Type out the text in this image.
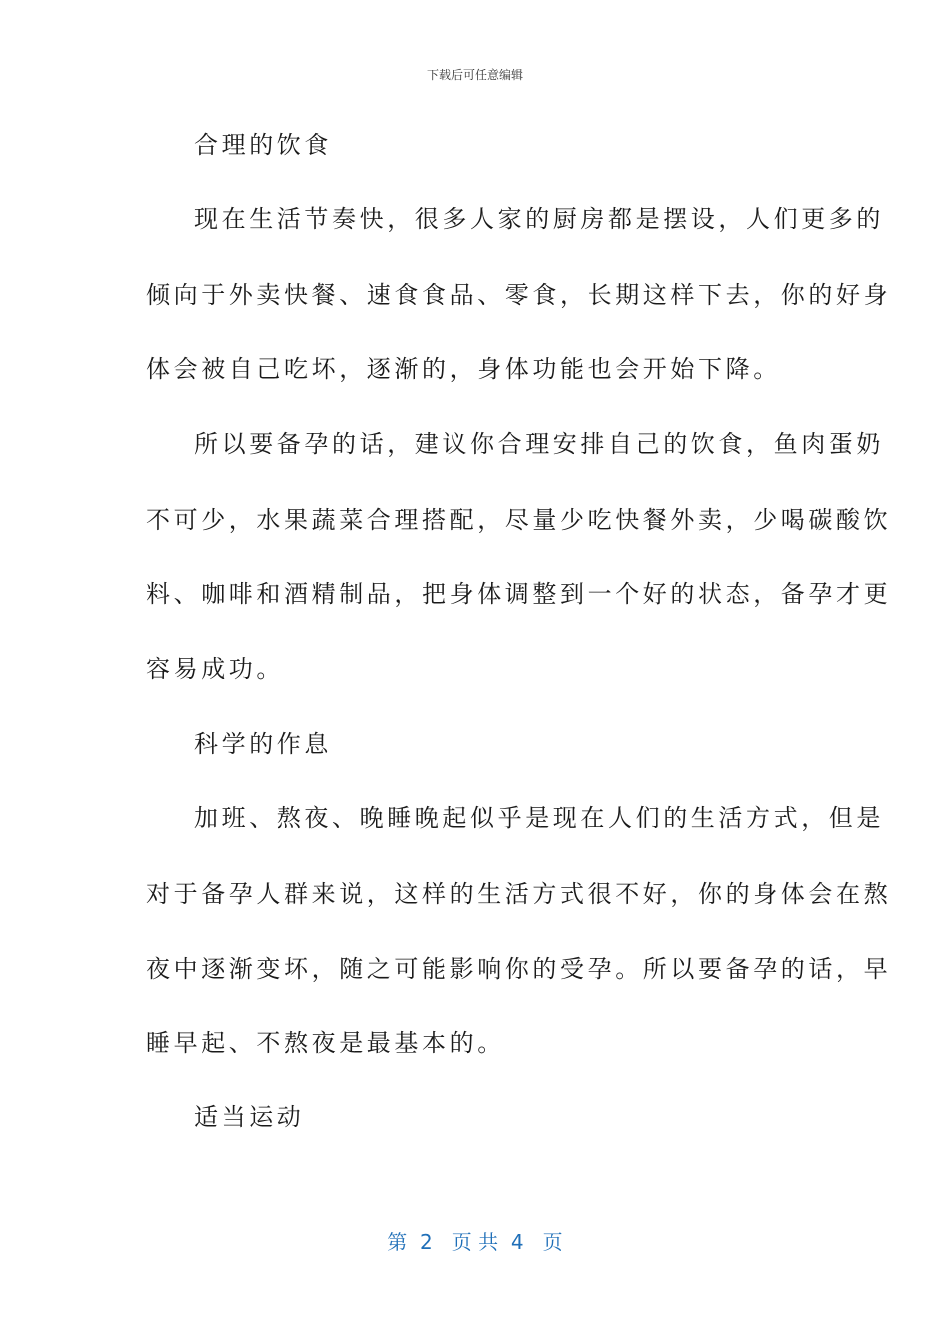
下载后可任意编辑
合理的饮食
现在生活节奏快，很多人家的厨房都是摆设，人们更多的
倾向于外卖快餐、速食食品、零食，长期这样下去，你的好身
体会被自己吃坏，逐渐的，身体功能也会开始下降。
所以要备孕的话，建议你合理安排自己的饮食，鱼肉蛋奶
不可少，水果蔬菜合理搭配，尽量少吃快餐外卖，少喝碳酸饮
料、咖啡和酒精制品，把身体调整到一个好的状态，备孕才更
容易成功。
科学的作息
加班、熬夜、晚睡晚起似乎是现在人们的生活方式，但是
对于备孕人群来说，这样的生活方式很不好，你的身体会在熬
夜中逐渐变坏，随之可能影响你的受孕。所以要备孕的话，早
睡早起、不熬夜是最基本的。
适当运动
第  2   页 共  4   页
